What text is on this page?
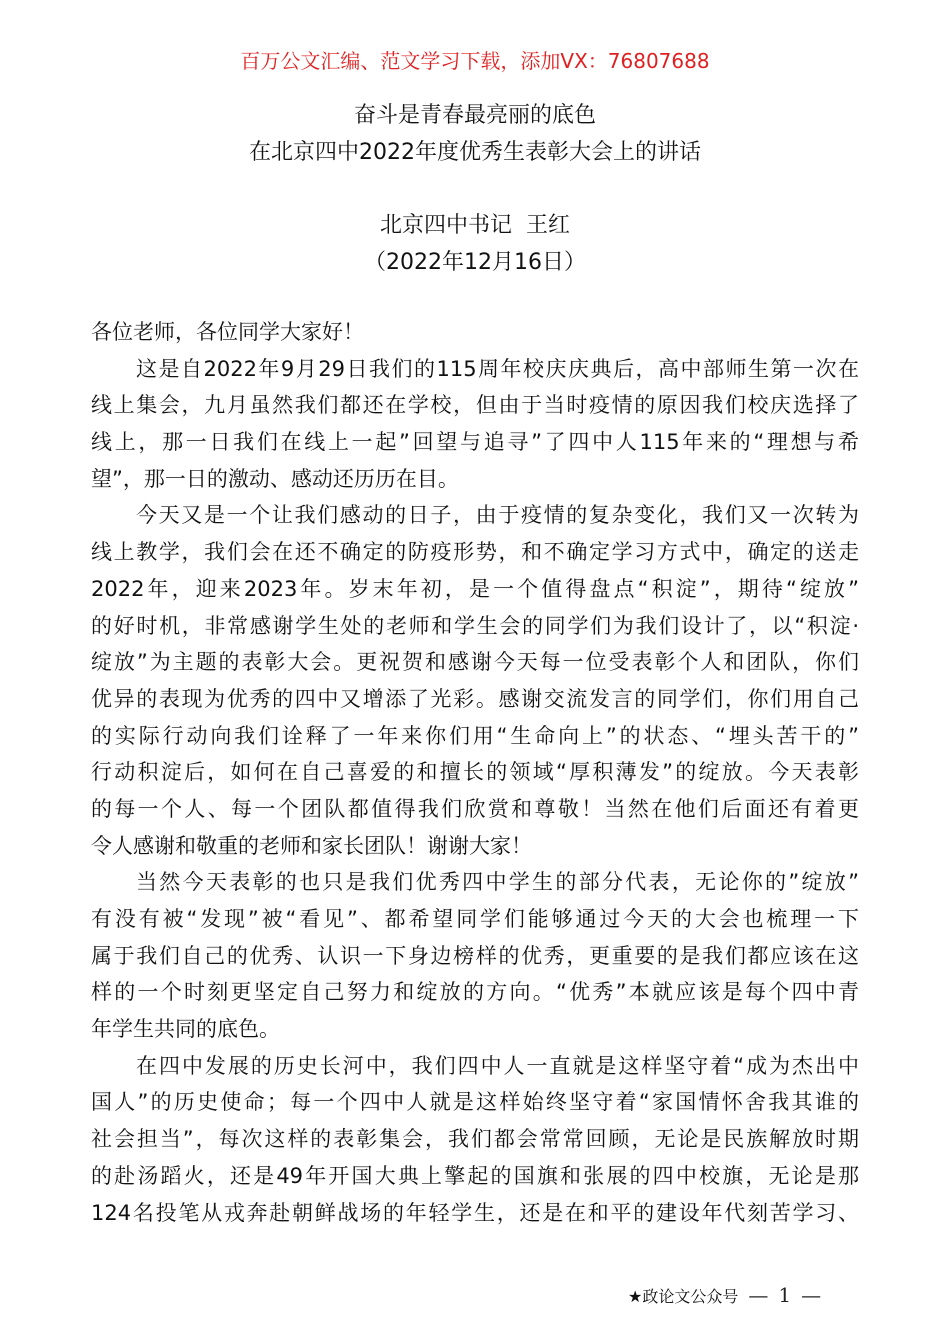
百万公文汇编、范文学习下载，添加VX：76807688
奋斗是青春最亮丽的底色
在北京四中2022年度优秀生表彰大会上的讲话
北京四中书记  王红
（2022年12月16日）
各位老师，各位同学大家好！
这是自2022年9月29日我们的115周年校庆庆典后，高中部师生第一次在
线上集会，九月虽然我们都还在学校，但由于当时疫情的原因我们校庆选择了
线上，那一日我们在线上一起”回望与追寻”了四中人115年来的“理想与希
望”，那一日的激动、感动还历历在目。
今天又是一个让我们感动的日子，由于疫情的复杂变化，我们又一次转为
线上教学，我们会在还不确定的防疫形势，和不确定学习方式中，确定的送走
2022年，迎来2023年。岁末年初，是一个值得盘点“积淀”，期待“绽放”
的好时机，非常感谢学生处的老师和学生会的同学们为我们设计了，以“积淀·
绽放”为主题的表彰大会。更祝贺和感谢今天每一位受表彰个人和团队，你们
优异的表现为优秀的四中又增添了光彩。感谢交流发言的同学们，你们用自己
的实际行动向我们诠释了一年来你们用“生命向上”的状态、“埋头苦干的”
行动积淀后，如何在自己喜爱的和擅长的领域“厚积薄发”的绽放。今天表彰
的每一个人、每一个团队都值得我们欣赏和尊敬！当然在他们后面还有着更
令人感谢和敬重的老师和家长团队！谢谢大家！
当然今天表彰的也只是我们优秀四中学生的部分代表，无论你的”绽放”
有没有被“发现”被“看见”、都希望同学们能够通过今天的大会也梳理一下
属于我们自己的优秀、认识一下身边榜样的优秀，更重要的是我们都应该在这
样的一个时刻更坚定自己努力和绽放的方向。“优秀”本就应该是每个四中青
年学生共同的底色。
在四中发展的历史长河中，我们四中人一直就是这样坚守着“成为杰出中
国人”的历史使命；每一个四中人就是这样始终坚守着“家国情怀舍我其谁的
社会担当”，每次这样的表彰集会，我们都会常常回顾，无论是民族解放时期
的赴汤蹈火，还是49年开国大典上擎起的国旗和张展的四中校旗，无论是那
124名投笔从戎奔赴朝鲜战场的年轻学生，还是在和平的建设年代刻苦学习、
★政论文公众号 — 1 —
